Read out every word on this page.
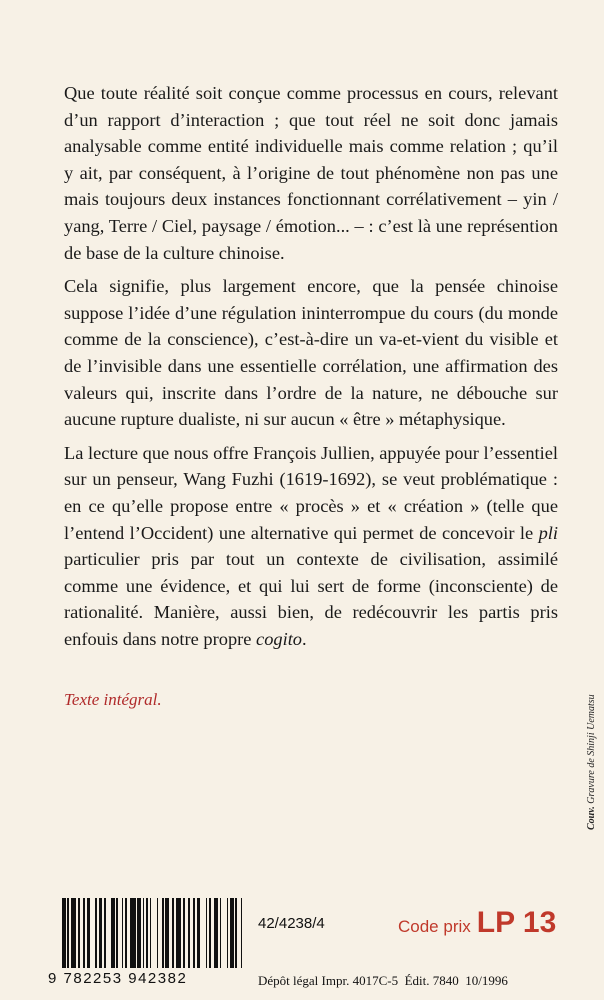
Que toute réalité soit conçue comme processus en cours, relevant d’un rapport d’interaction ; que tout réel ne soit donc jamais analysable comme entité individuelle mais comme relation ; qu’il y ait, par conséquent, à l’origine de tout phénomène non pas une mais toujours deux instances fonctionnant corrélativement – yin / yang, Terre / Ciel, paysage / émotion... – : c’est là une représention de base de la culture chinoise.

Cela signifie, plus largement encore, que la pensée chinoise suppose l’idée d’une régulation ininterrompue du cours (du monde comme de la conscience), c’est-à-dire un va-et-vient du visible et de l’invisible dans une essentielle corrélation, une affirmation des valeurs qui, inscrite dans l’ordre de la nature, ne débouche sur aucune rupture dualiste, ni sur aucun « être » métaphysique.

La lecture que nous offre François Jullien, appuyée pour l’essentiel sur un penseur, Wang Fuzhi (1619-1692), se veut problématique : en ce qu’elle propose entre « procès » et « création » (telle que l’entend l’Occident) une alternative qui permet de concevoir le pli particulier pris par tout un contexte de civilisation, assimilé comme une évidence, et qui lui sert de forme (inconsciente) de rationalité. Manière, aussi bien, de redécouvrir les partis pris enfouis dans notre propre cogito.

Texte intégral.
Couv. Gravure de Shinji Uematsu
9 782253 942382
42/4238/4	Code prix LP 13
Dépôt légal Impr. 4017C-5 Édit. 7840 10/1996
